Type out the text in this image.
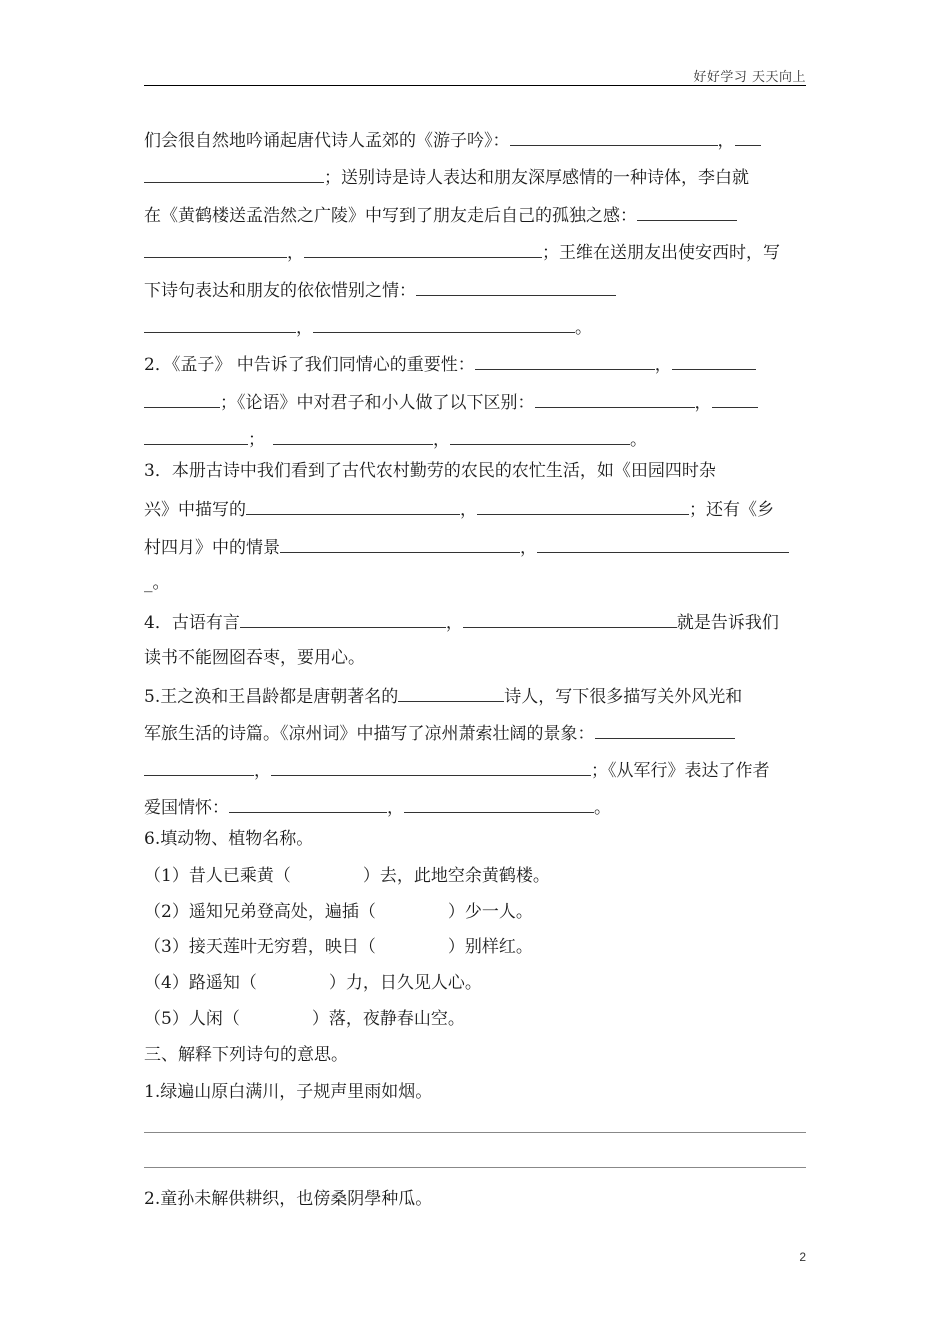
好好学习 天天向上
们会很自然地吟诵起唐代诗人孟郊的《游子吟》：	，
；送别诗是诗人表达和朋友深厚感情的一种诗体，李白就
在《黄鹤楼送孟浩然之广陵》中写到了朋友走后自己的孤独之感：
，	；王维在送朋友出使安西时，写
下诗句表达和朋友的依依惜别之情：
，	。
2．《孟子》 中告诉了我们同情心的重要性：	，
；《论语》中对君子和小人做了以下区别：	，
；	，	。
3．本册古诗中我们看到了古代农村勤劳的农民的农忙生活，如《田园四时杂
兴》中描写的	，	；还有《乡
村四月》中的情景	，
_。
4．古语有言	，	就是告诉我们
读书不能囫囵吞枣，要用心。
5.王之涣和王昌龄都是唐朝著名的	诗人，写下很多描写关外风光和
军旅生活的诗篇。《凉州词》中描写了凉州萧索壮阔的景象：
，	；《从军行》表达了作者
爱国情怀：	，	。
6.填动物、植物名称。
（1）昔人已乘黄（	）去，此地空余黄鹤楼。
（2）遥知兄弟登高处，遍插（	）少一人。
（3）接天莲叶无穷碧，映日（	）别样红。
（4）路遥知（	）力，日久见人心。
（5）人闲（	）落，夜静春山空。
三、解释下列诗句的意思。
1.绿遍山原白满川，子规声里雨如烟。
2.童孙未解供耕织，也傍桑阴學种瓜。
2
